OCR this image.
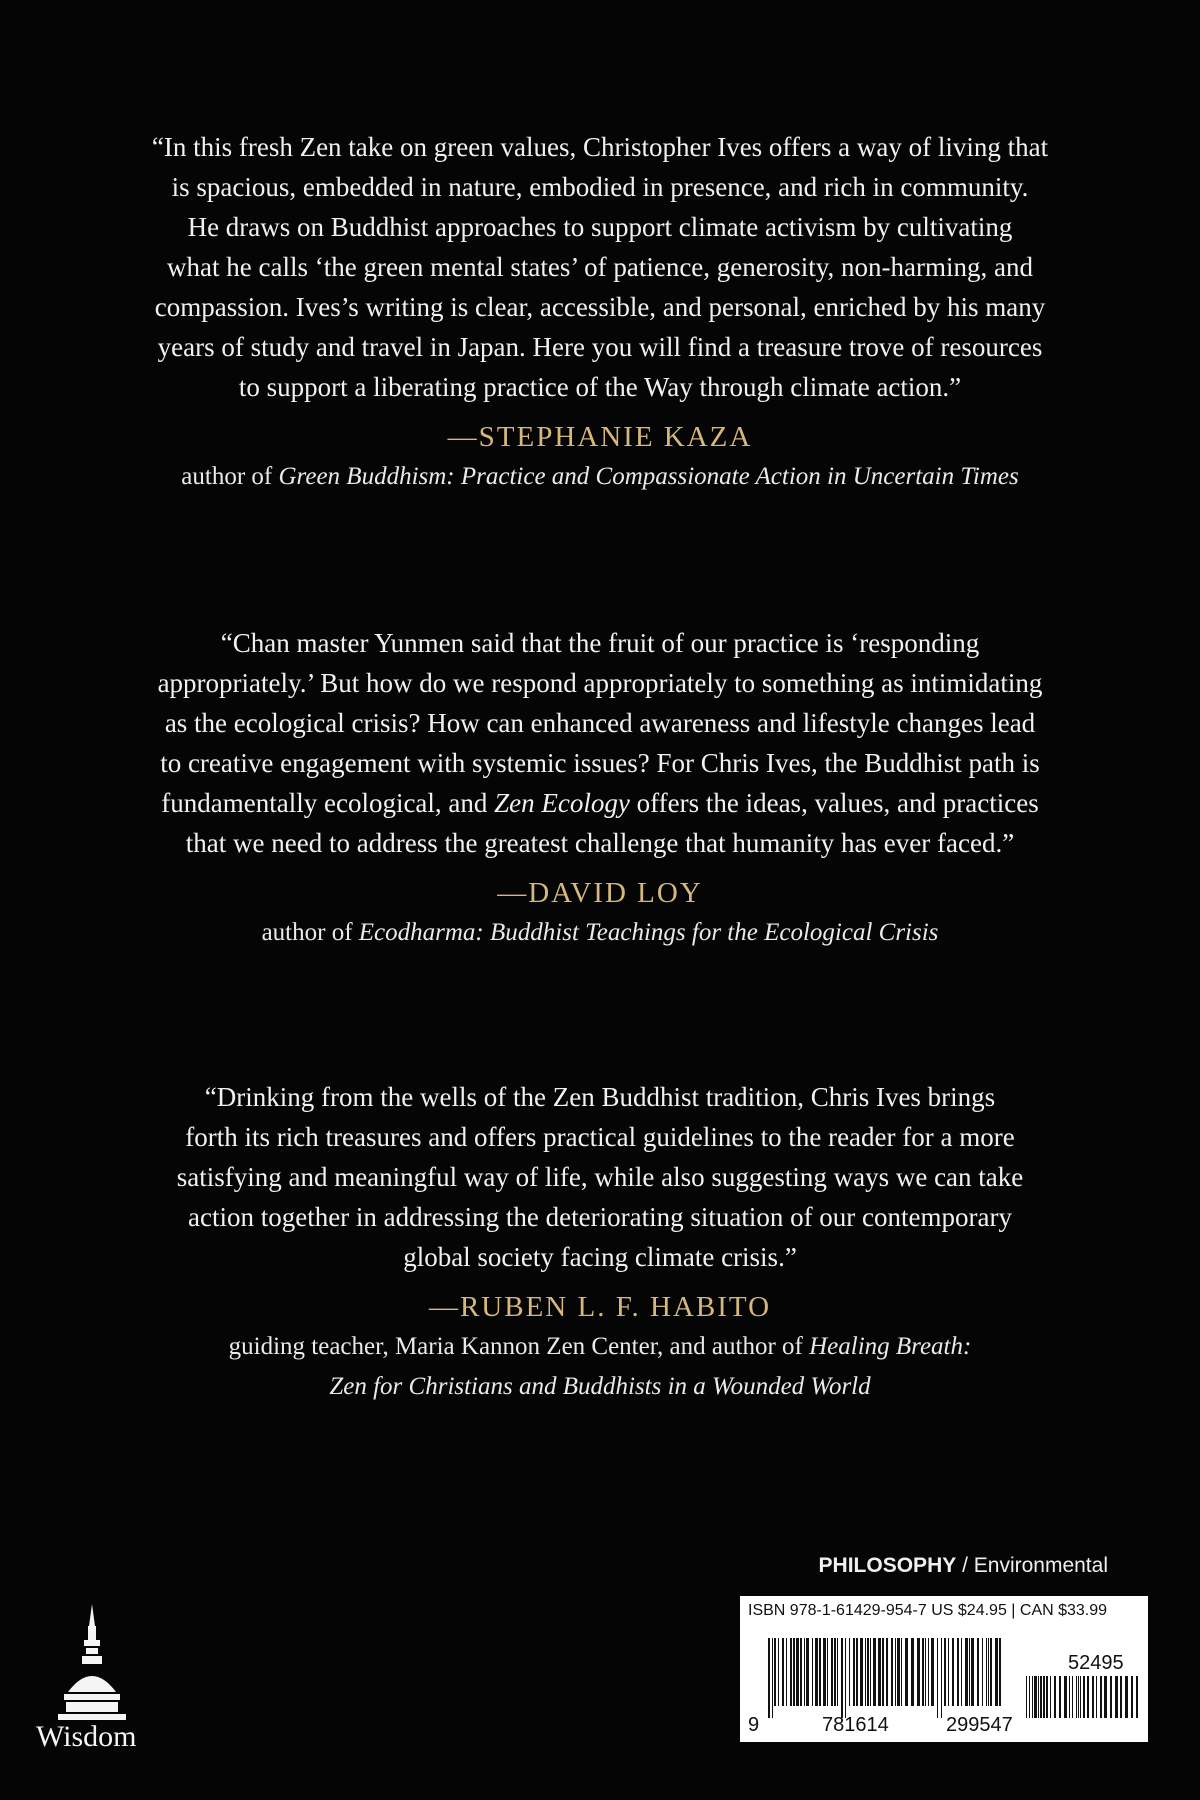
“In this fresh Zen take on green values, Christopher Ives offers a way of living that
is spacious, embedded in nature, embodied in presence, and rich in community.
He draws on Buddhist approaches to support climate activism by cultivating
what he calls ‘the green mental states’ of patience, generosity, non-harming, and
compassion. Ives’s writing is clear, accessible, and personal, enriched by his many
years of study and travel in Japan. Here you will find a treasure trove of resources
to support a liberating practice of the Way through climate action.”

—STEPHANIE KAZA
author of Green Buddhism: Practice and Compassionate Action in Uncertain Times

“Chan master Yunmen said that the fruit of our practice is ‘responding
appropriately.’ But how do we respond appropriately to something as intimidating
as the ecological crisis? How can enhanced awareness and lifestyle changes lead
to creative engagement with systemic issues? For Chris Ives, the Buddhist path is
fundamentally ecological, and Zen Ecology offers the ideas, values, and practices
that we need to address the greatest challenge that humanity has ever faced.”

—DAVID LOY
author of Ecodharma: Buddhist Teachings for the Ecological Crisis

“Drinking from the wells of the Zen Buddhist tradition, Chris Ives brings
forth its rich treasures and offers practical guidelines to the reader for a more
satisfying and meaningful way of life, while also suggesting ways we can take
action together in addressing the deteriorating situation of our contemporary
global society facing climate crisis.”

—RUBEN L. F. HABITO
guiding teacher, Maria Kannon Zen Center, and author of Healing Breath:
Zen for Christians and Buddhists in a Wounded World
PHILOSOPHY / Environmental
ISBN 978-1-61429-954-7 US $24.95 | CAN $33.99
52495
9	781614	299547
Wisdom
